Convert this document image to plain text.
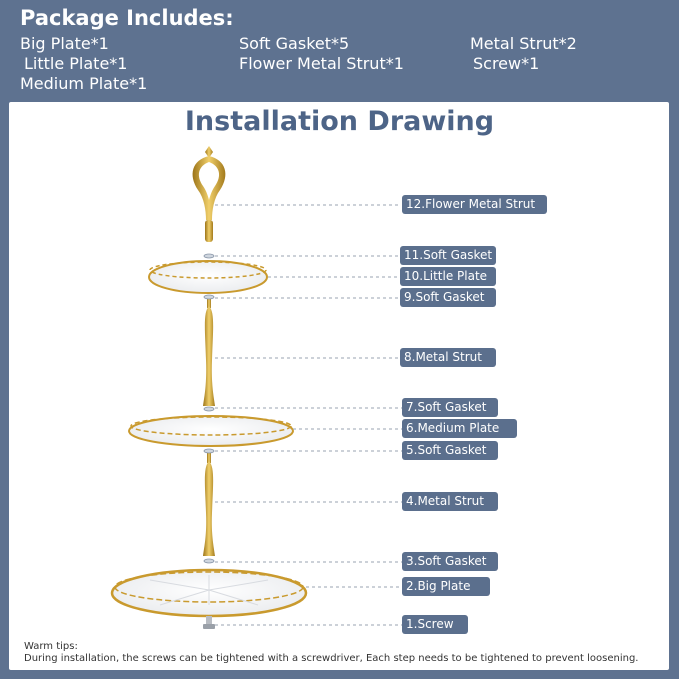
Package Includes:
Big Plate*1	Soft Gasket*5	Metal Strut*2
Little Plate*1	Flower Metal Strut*1	Screw*1
Medium Plate*1
Installation Drawing
12.Flower Metal Strut
11.Soft Gasket
10.Little Plate
9.Soft Gasket
8.Metal Strut
7.Soft Gasket
6.Medium Plate
5.Soft Gasket
4.Metal Strut
3.Soft Gasket
2.Big Plate
1.Screw
Warm tips:
During installation, the screws can be tightened with a screwdriver, Each step needs to be tightened to prevent loosening.
